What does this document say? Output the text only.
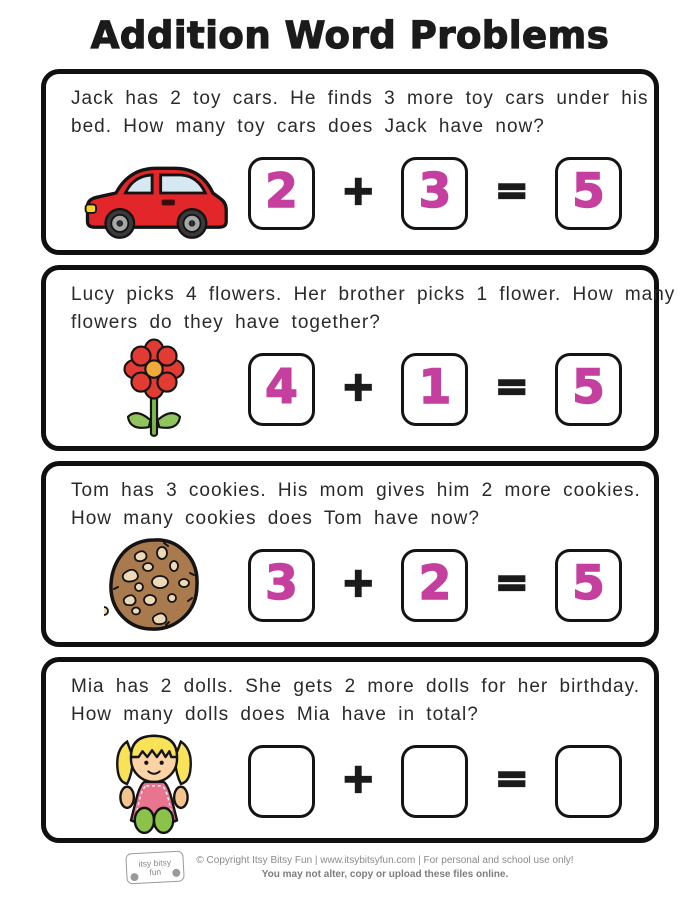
Addition Word Problems
Jack has 2 toy cars. He finds 3 more toy cars under his
bed. How many toy cars does Jack have now?
2	+ 3	= 5
Lucy picks 4 flowers. Her brother picks 1 flower. How many
flowers do they have together?
4	+ 1	= 5
Tom has 3 cookies. His mom gives him 2 more cookies.
How many cookies does Tom have now?
3	+ 2	= 5
Mia has 2 dolls. She gets 2 more dolls for her birthday.
How many dolls does Mia have in total?
+	=
itsy bitsy
fun
© Copyright Itsy Bitsy Fun | www.itsybitsyfun.com | For personal and school use only!
You may not alter, copy or upload these files online.
